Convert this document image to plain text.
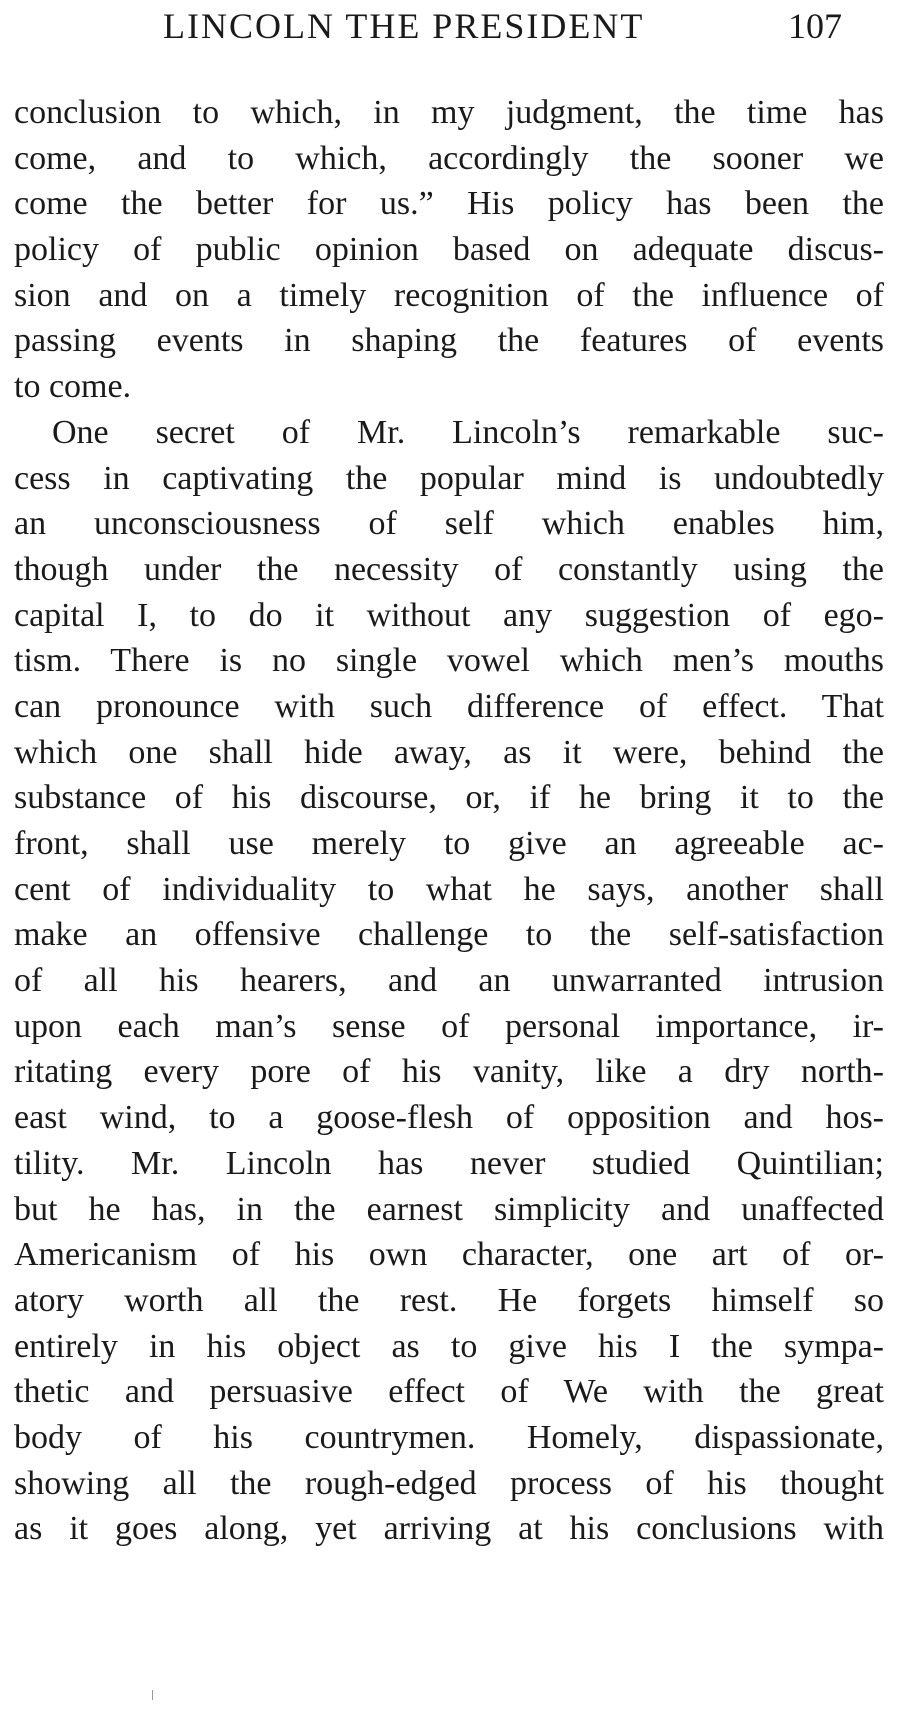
LINCOLN THE PRESIDENT	107
conclusion to which, in my judgment, the time has
come, and to which, accordingly the sooner we
come the better for us.” His policy has been the
policy of public opinion based on adequate discus-
sion and on a timely recognition of the influence of
passing events in shaping the features of events
to come.
One secret of Mr. Lincoln’s remarkable suc-
cess in captivating the popular mind is undoubtedly
an unconsciousness of self which enables him,
though under the necessity of constantly using the
capital I, to do it without any suggestion of ego-
tism. There is no single vowel which men’s mouths
can pronounce with such difference of effect. That
which one shall hide away, as it were, behind the
substance of his discourse, or, if he bring it to the
front, shall use merely to give an agreeable ac-
cent of individuality to what he says, another shall
make an offensive challenge to the self-satisfaction
of all his hearers, and an unwarranted intrusion
upon each man’s sense of personal importance, ir-
ritating every pore of his vanity, like a dry north-
east wind, to a goose-flesh of opposition and hos-
tility. Mr. Lincoln has never studied Quintilian;
but he has, in the earnest simplicity and unaffected
Americanism of his own character, one art of or-
atory worth all the rest. He forgets himself so
entirely in his object as to give his I the sympa-
thetic and persuasive effect of We with the great
body of his countrymen. Homely, dispassionate,
showing all the rough-edged process of his thought
as it goes along, yet arriving at his conclusions with
